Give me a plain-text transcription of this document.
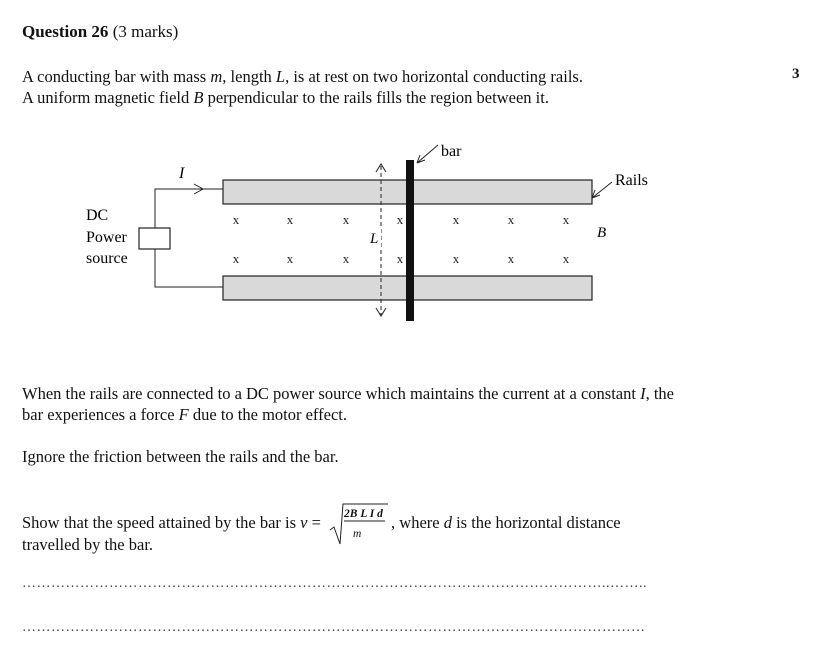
Question 26 (3 marks)
3
A conducting bar with mass m, length L, is at rest on two horizontal conducting rails.
A uniform magnetic field B perpendicular to the rails fills the region between it.
x	x	x	x	x	x	x
x	x	x	x	x	x	x
L
bar
Rails
I
B
DC
Power
source
When the rails are connected to a DC power source which maintains the current at a constant I, the
bar experiences a force F due to the motor effect.
Ignore the friction between the rails and the bar.
Show that the speed attained by the bar is v = 2B L I d
m
, where d is the horizontal distance
travelled by the bar.
…………………………………………………………………………………………………………..……..
…………………………………………………………………………………………………………………
